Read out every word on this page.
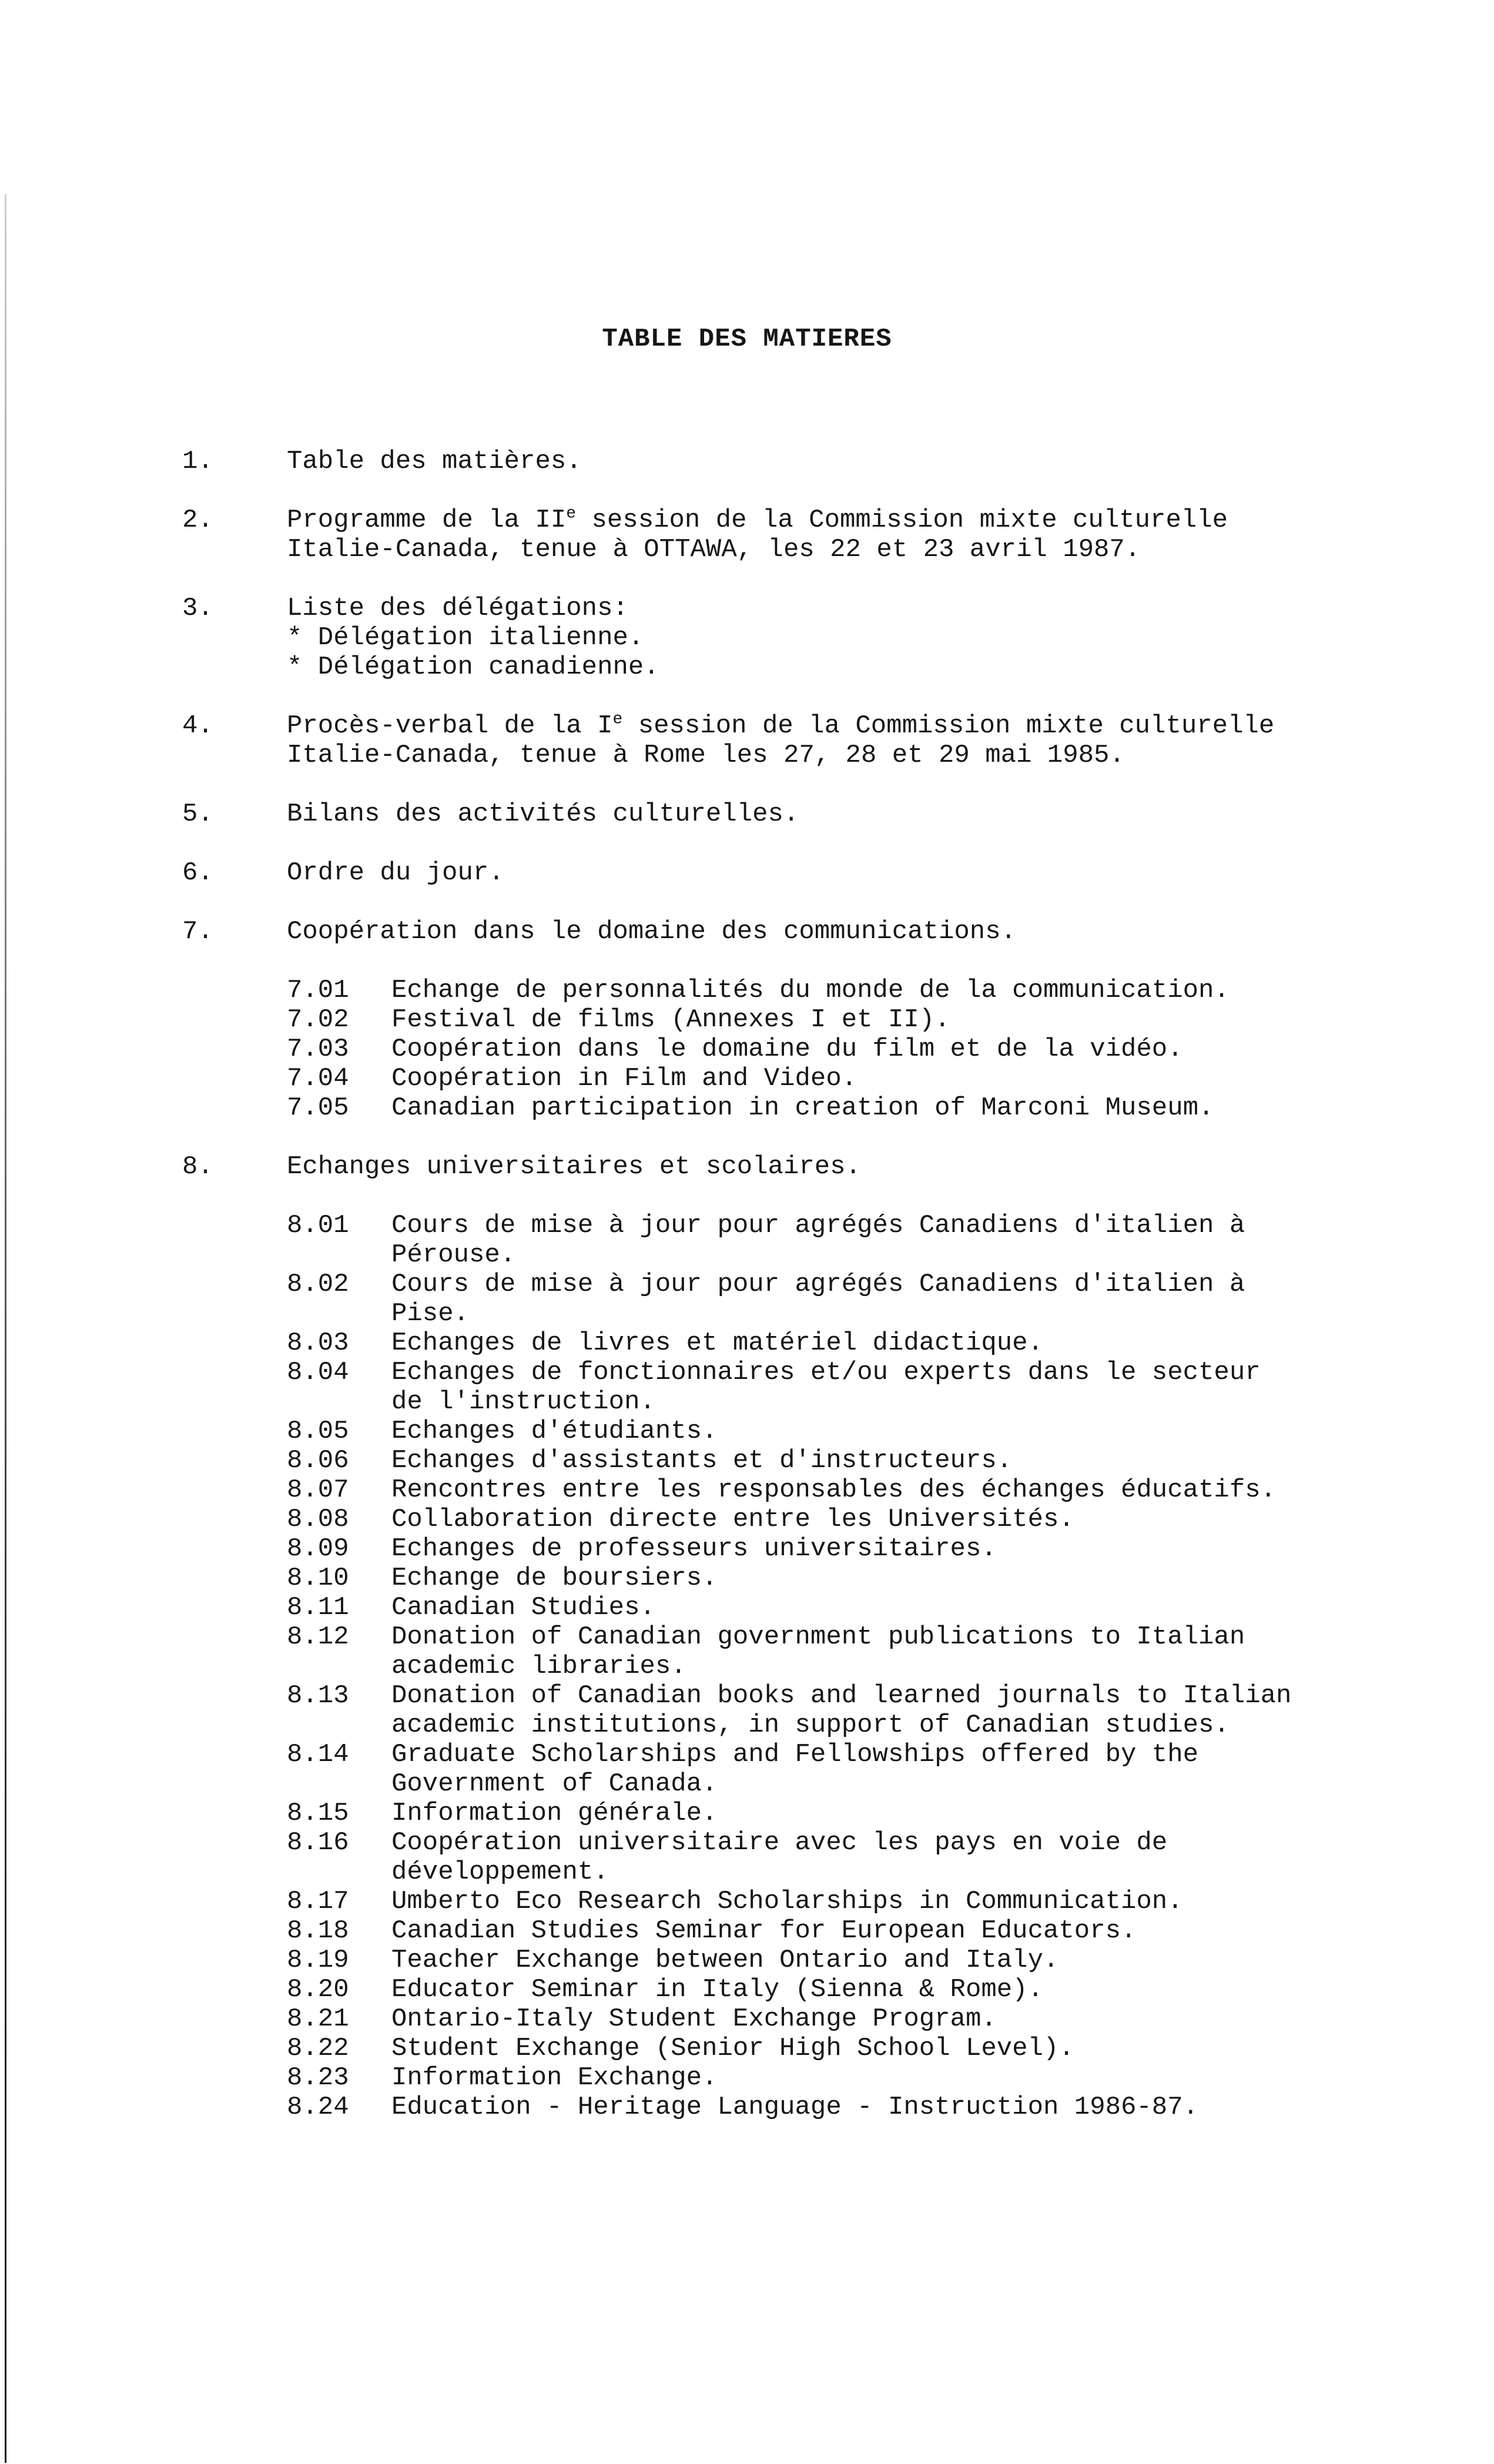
TABLE DES MATIERES
1.	Table des matières.
2.	Programme de la IIe session de la Commission mixte culturelle
Italie-Canada, tenue à OTTAWA, les 22 et 23 avril 1987.
3.	Liste des délégations:
* Délégation italienne.
* Délégation canadienne.
4.	Procès-verbal de la Ie session de la Commission mixte culturelle
Italie-Canada, tenue à Rome les 27, 28 et 29 mai 1985.
5.	Bilans des activités culturelles.
6.	Ordre du jour.
7.	Coopération dans le domaine des communications.
7.01	Echange de personnalités du monde de la communication.
7.02	Festival de films (Annexes I et II).
7.03	Coopération dans le domaine du film et de la vidéo.
7.04	Coopération in Film and Video.
7.05	Canadian participation in creation of Marconi Museum.
8.	Echanges universitaires et scolaires.
8.01	Cours de mise à jour pour agrégés Canadiens d'italien à
Pérouse.
8.02	Cours de mise à jour pour agrégés Canadiens d'italien à
Pise.
8.03	Echanges de livres et matériel didactique.
8.04	Echanges de fonctionnaires et/ou experts dans le secteur
de l'instruction.
8.05	Echanges d'étudiants.
8.06	Echanges d'assistants et d'instructeurs.
8.07	Rencontres entre les responsables des échanges éducatifs.
8.08	Collaboration directe entre les Universités.
8.09	Echanges de professeurs universitaires.
8.10	Echange de boursiers.
8.11	Canadian Studies.
8.12	Donation of Canadian government publications to Italian
academic libraries.
8.13	Donation of Canadian books and learned journals to Italian
academic institutions, in support of Canadian studies.
8.14	Graduate Scholarships and Fellowships offered by the
Government of Canada.
8.15	Information générale.
8.16	Coopération universitaire avec les pays en voie de
développement.
8.17	Umberto Eco Research Scholarships in Communication.
8.18	Canadian Studies Seminar for European Educators.
8.19	Teacher Exchange between Ontario and Italy.
8.20	Educator Seminar in Italy (Sienna & Rome).
8.21	Ontario-Italy Student Exchange Program.
8.22	Student Exchange (Senior High School Level).
8.23	Information Exchange.
8.24	Education - Heritage Language - Instruction 1986-87.
